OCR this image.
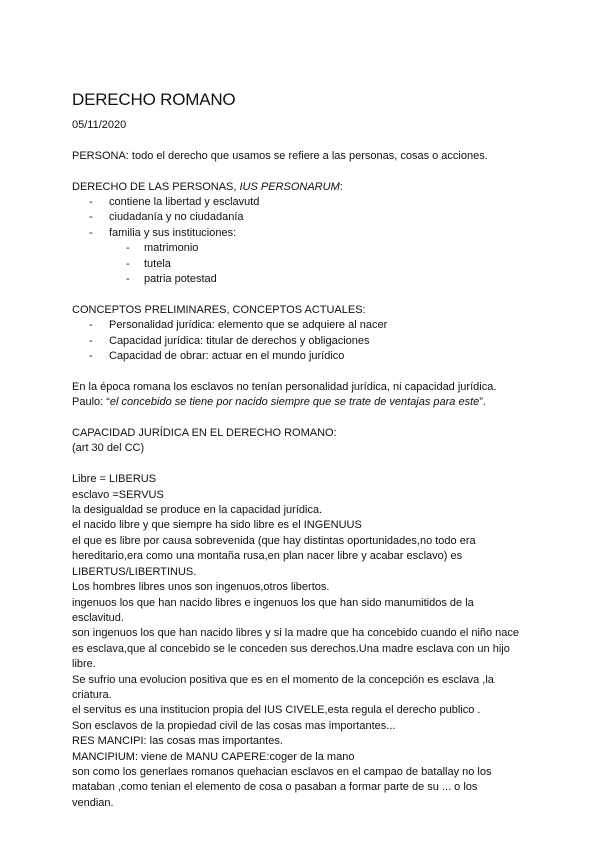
DERECHO ROMANO
05/11/2020
PERSONA: todo el derecho que usamos se refiere a las personas, cosas o acciones.
DERECHO DE LAS PERSONAS, IUS PERSONARUM:
-	contiene la libertad y esclavutd
-	ciudadanía y no ciudadanía
-	familia y sus instituciones:
-	matrimonio
-	tutela
-	patria potestad
CONCEPTOS PRELIMINARES, CONCEPTOS ACTUALES:
-	Personalidad jurídica: elemento que se adquiere al nacer
-	Capacidad jurídica: titular de derechos y obligaciones
-	Capacidad de obrar: actuar en el mundo jurídico
En la época romana los esclavos no tenían personalidad jurídica, ni capacidad jurídica.
Paulo: “el concebido se tiene por nacido siempre que se trate de ventajas para este”.
CAPACIDAD JURÍDICA EN EL DERECHO ROMANO:
(art 30 del CC)
Libre = LIBERUS
esclavo =SERVUS
la desigualdad se produce en la capacidad jurídica.
el nacido libre y que siempre ha sido libre es el INGENUUS
el que es libre por causa sobrevenida (que hay distintas oportunidades,no todo era
hereditario,era como una montaña rusa,en plan nacer libre y acabar esclavo) es
LIBERTUS/LIBERTINUS.
Los hombres libres unos son ingenuos,otros libertos.
ingenuos los que han nacido libres e ingenuos los que han sido manumitidos de la
esclavitud.
son ingenuos los que han nacido libres y si la madre que ha concebido cuando el niño nace
es esclava,que al concebido se le conceden sus derechos.Una madre esclava con un hijo
libre.
Se sufrio una evolucion positiva que es en el momento de la concepción es esclava ,la
criatura.
el servitus es una institucion propia del IUS CIVELE,esta regula el derecho publico .
Son esclavos de la propiedad civil de las cosas mas importantes...
RES MANCIPI: las cosas mas importantes.
MANCIPIUM: viene de MANU CAPERE:coger de la mano
son como los generlaes romanos quehacian esclavos en el campao de batallay no los
mataban ,como tenian el elemento de cosa o pasaban a formar parte de su ... o los
vendian.
